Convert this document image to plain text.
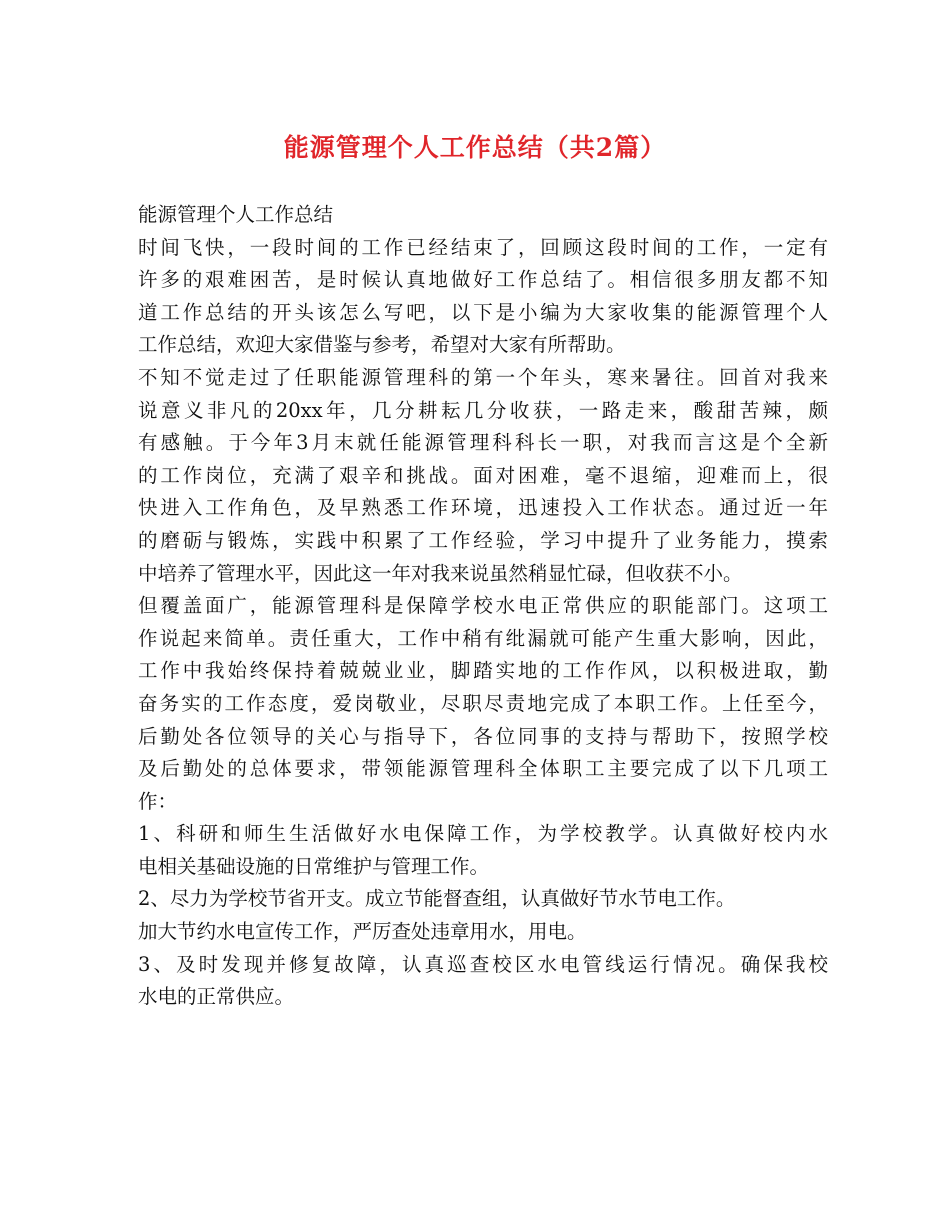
能源管理个人工作总结（共2篇）
能源管理个人工作总结
时间飞快，一段时间的工作已经结束了，回顾这段时间的工作，一定有
许多的艰难困苦，是时候认真地做好工作总结了。相信很多朋友都不知
道工作总结的开头该怎么写吧，以下是小编为大家收集的能源管理个人
工作总结，欢迎大家借鉴与参考，希望对大家有所帮助。
不知不觉走过了任职能源管理科的第一个年头，寒来暑往。回首对我来
说意义非凡的20xx年，几分耕耘几分收获，一路走来，酸甜苦辣，颇
有感触。于今年3月末就任能源管理科科长一职，对我而言这是个全新
的工作岗位，充满了艰辛和挑战。面对困难，毫不退缩，迎难而上，很
快进入工作角色，及早熟悉工作环境，迅速投入工作状态。通过近一年
的磨砺与锻炼，实践中积累了工作经验，学习中提升了业务能力，摸索
中培养了管理水平，因此这一年对我来说虽然稍显忙碌，但收获不小。
但覆盖面广，能源管理科是保障学校水电正常供应的职能部门。这项工
作说起来简单。责任重大，工作中稍有纰漏就可能产生重大影响，因此，
工作中我始终保持着兢兢业业，脚踏实地的工作作风，以积极进取，勤
奋务实的工作态度，爱岗敬业，尽职尽责地完成了本职工作。上任至今，
后勤处各位领导的关心与指导下，各位同事的支持与帮助下，按照学校
及后勤处的总体要求，带领能源管理科全体职工主要完成了以下几项工
作：
1、科研和师生生活做好水电保障工作，为学校教学。认真做好校内水
电相关基础设施的日常维护与管理工作。
2、尽力为学校节省开支。成立节能督查组，认真做好节水节电工作。
加大节约水电宣传工作，严厉查处违章用水，用电。
3、及时发现并修复故障，认真巡查校区水电管线运行情况。确保我校
水电的正常供应。
